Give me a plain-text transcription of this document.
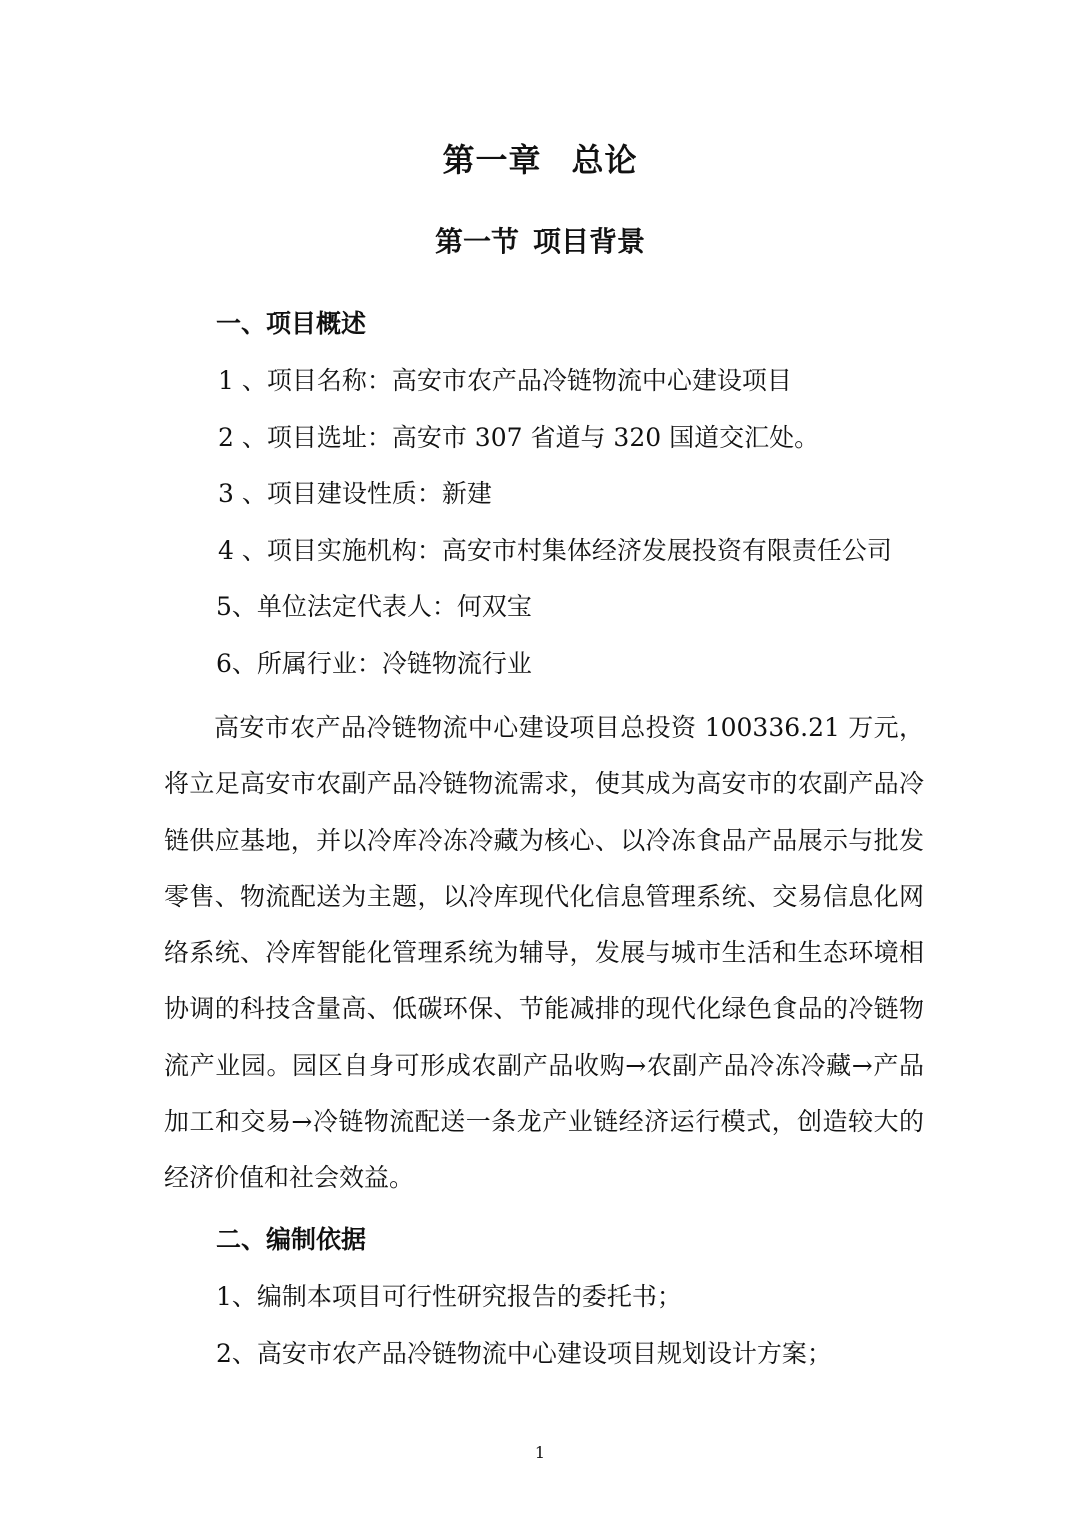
第一章 总论
第一节 项目背景
一、项目概述
1 、项目名称：高安市农产品冷链物流中心建设项目
2 、项目选址：高安市 307 省道与 320 国道交汇处。
3 、项目建设性质：新建
4 、项目实施机构：高安市村集体经济发展投资有限责任公司
5、单位法定代表人：何双宝
6、所属行业：冷链物流行业
高安市农产品冷链物流中心建设项目总投资 100336.21 万元，将立足高安市农副产品冷链物流需求，使其成为高安市的农副产品冷链供应基地，并以冷库冷冻冷藏为核心、以冷冻食品产品展示与批发零售、物流配送为主题，以冷库现代化信息管理系统、交易信息化网络系统、冷库智能化管理系统为辅导，发展与城市生活和生态环境相协调的科技含量高、低碳环保、节能减排的现代化绿色食品的冷链物流产业园。园区自身可形成农副产品收购→农副产品冷冻冷藏→产品加工和交易→冷链物流配送一条龙产业链经济运行模式，创造较大的经济价值和社会效益。
二、编制依据
1、编制本项目可行性研究报告的委托书；
2、高安市农产品冷链物流中心建设项目规划设计方案；
1
